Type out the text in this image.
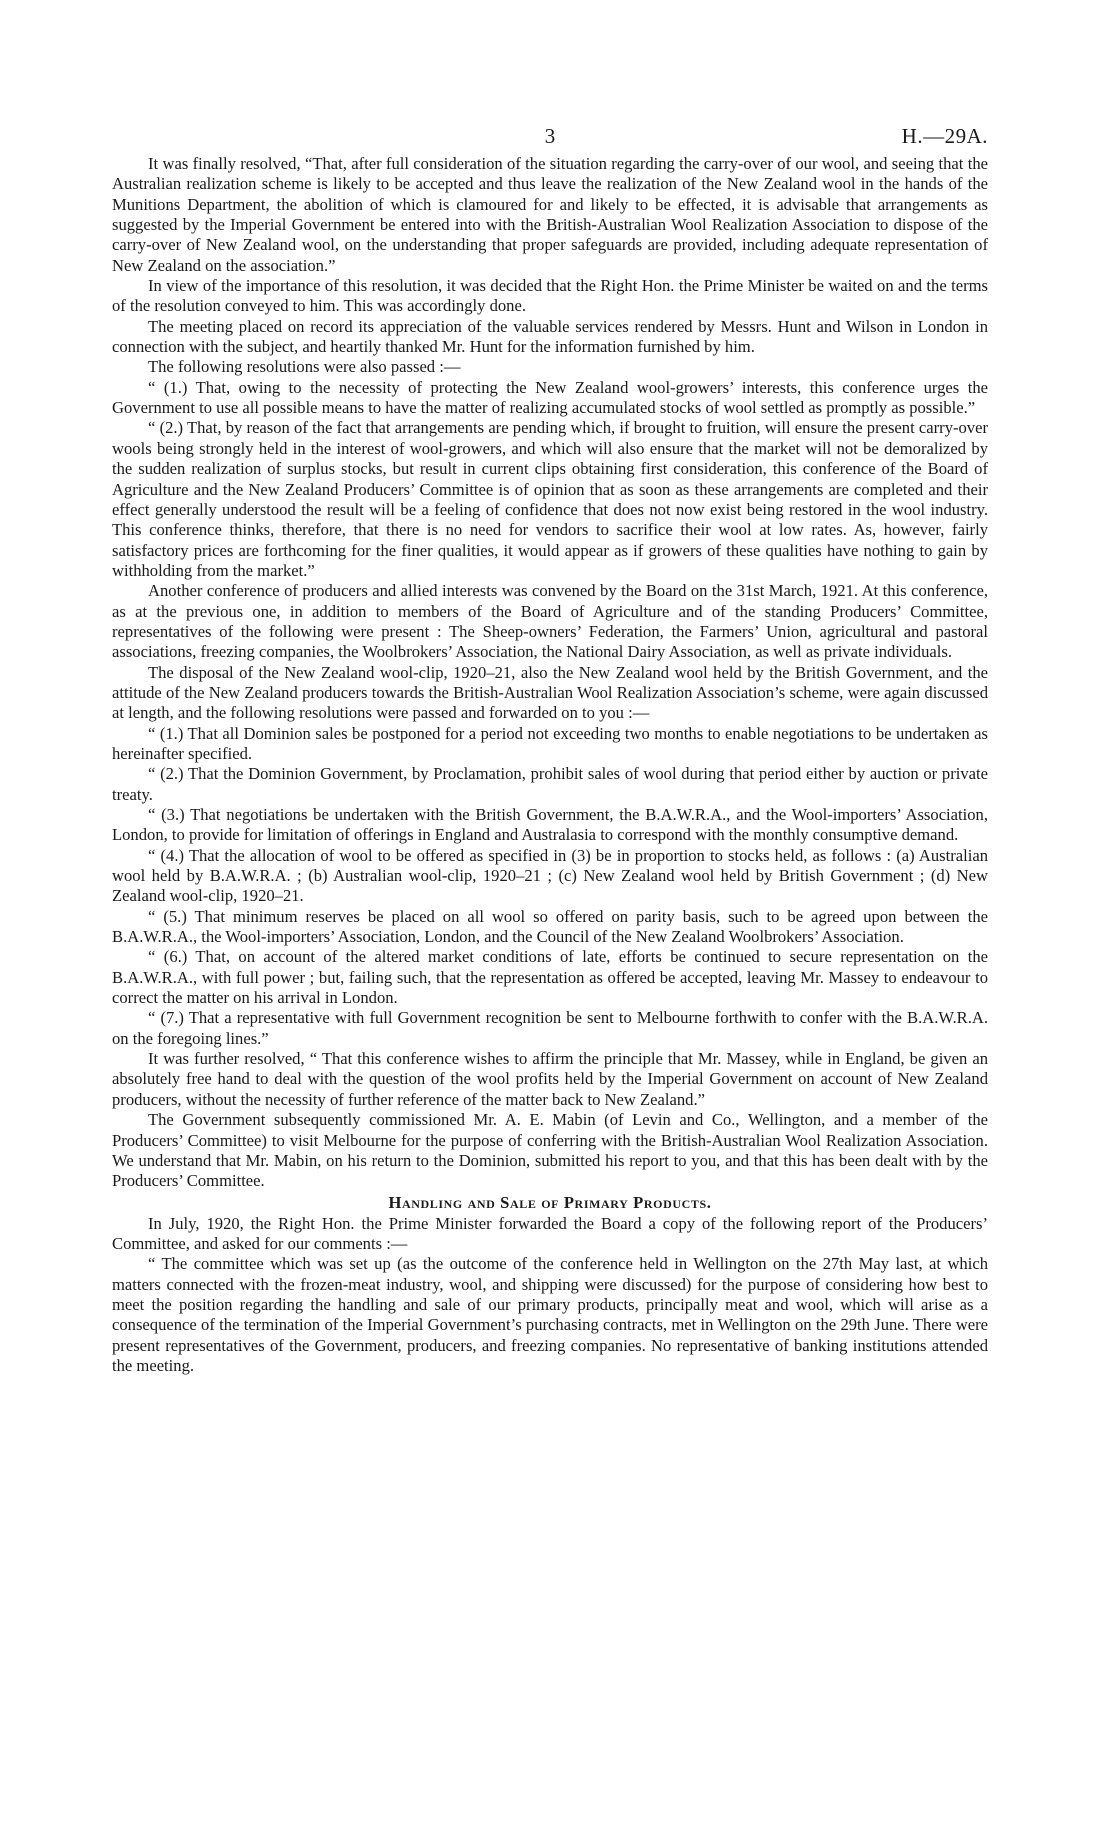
3	H.—29A.

It was finally resolved, “That, after full consideration of the situation regarding the carry-over of our wool, and seeing that the Australian realization scheme is likely to be accepted and thus leave the realization of the New Zealand wool in the hands of the Munitions Department, the abolition of which is clamoured for and likely to be effected, it is advisable that arrangements as suggested by the Imperial Government be entered into with the British-Australian Wool Realization Association to dispose of the carry-over of New Zealand wool, on the understanding that proper safeguards are provided, including adequate representation of New Zealand on the association.”

In view of the importance of this resolution, it was decided that the Right Hon. the Prime Minister be waited on and the terms of the resolution conveyed to him. This was accordingly done.

The meeting placed on record its appreciation of the valuable services rendered by Messrs. Hunt and Wilson in London in connection with the subject, and heartily thanked Mr. Hunt for the information furnished by him.

The following resolutions were also passed :—

“ (1.) That, owing to the necessity of protecting the New Zealand wool-growers’ interests, this conference urges the Government to use all possible means to have the matter of realizing accumulated stocks of wool settled as promptly as possible.”

“ (2.) That, by reason of the fact that arrangements are pending which, if brought to fruition, will ensure the present carry-over wools being strongly held in the interest of wool-growers, and which will also ensure that the market will not be demoralized by the sudden realization of surplus stocks, but result in current clips obtaining first consideration, this conference of the Board of Agriculture and the New Zealand Producers’ Committee is of opinion that as soon as these arrangements are completed and their effect generally understood the result will be a feeling of confidence that does not now exist being restored in the wool industry. This conference thinks, therefore, that there is no need for vendors to sacrifice their wool at low rates. As, however, fairly satisfactory prices are forthcoming for the finer qualities, it would appear as if growers of these qualities have nothing to gain by withholding from the market.”

Another conference of producers and allied interests was convened by the Board on the 31st March, 1921. At this conference, as at the previous one, in addition to members of the Board of Agriculture and of the standing Producers’ Committee, representatives of the following were present : The Sheep-owners’ Federation, the Farmers’ Union, agricultural and pastoral associations, freezing companies, the Woolbrokers’ Association, the National Dairy Association, as well as private individuals.

The disposal of the New Zealand wool-clip, 1920–21, also the New Zealand wool held by the British Government, and the attitude of the New Zealand producers towards the British-Australian Wool Realization Association’s scheme, were again discussed at length, and the following resolutions were passed and forwarded on to you :—

“ (1.) That all Dominion sales be postponed for a period not exceeding two months to enable negotiations to be undertaken as hereinafter specified.

“ (2.) That the Dominion Government, by Proclamation, prohibit sales of wool during that period either by auction or private treaty.

“ (3.) That negotiations be undertaken with the British Government, the B.A.W.R.A., and the Wool-importers’ Association, London, to provide for limitation of offerings in England and Australasia to correspond with the monthly consumptive demand.

“ (4.) That the allocation of wool to be offered as specified in (3) be in proportion to stocks held, as follows : (a) Australian wool held by B.A.W.R.A. ; (b) Australian wool-clip, 1920–21 ; (c) New Zealand wool held by British Government ; (d) New Zealand wool-clip, 1920–21.

“ (5.) That minimum reserves be placed on all wool so offered on parity basis, such to be agreed upon between the B.A.W.R.A., the Wool-importers’ Association, London, and the Council of the New Zealand Woolbrokers’ Association.

“ (6.) That, on account of the altered market conditions of late, efforts be continued to secure representation on the B.A.W.R.A., with full power ; but, failing such, that the representation as offered be accepted, leaving Mr. Massey to endeavour to correct the matter on his arrival in London.

“ (7.) That a representative with full Government recognition be sent to Melbourne forthwith to confer with the B.A.W.R.A. on the foregoing lines.”

It was further resolved, “ That this conference wishes to affirm the principle that Mr. Massey, while in England, be given an absolutely free hand to deal with the question of the wool profits held by the Imperial Government on account of New Zealand producers, without the necessity of further reference of the matter back to New Zealand.”

The Government subsequently commissioned Mr. A. E. Mabin (of Levin and Co., Wellington, and a member of the Producers’ Committee) to visit Melbourne for the purpose of conferring with the British-Australian Wool Realization Association. We understand that Mr. Mabin, on his return to the Dominion, submitted his report to you, and that this has been dealt with by the Producers’ Committee.

Handling and Sale of Primary Products.

In July, 1920, the Right Hon. the Prime Minister forwarded the Board a copy of the following report of the Producers’ Committee, and asked for our comments :—

“ The committee which was set up (as the outcome of the conference held in Wellington on the 27th May last, at which matters connected with the frozen-meat industry, wool, and shipping were discussed) for the purpose of considering how best to meet the position regarding the handling and sale of our primary products, principally meat and wool, which will arise as a consequence of the termination of the Imperial Government’s purchasing contracts, met in Wellington on the 29th June. There were present representatives of the Government, producers, and freezing companies. No representative of banking institutions attended the meeting.
